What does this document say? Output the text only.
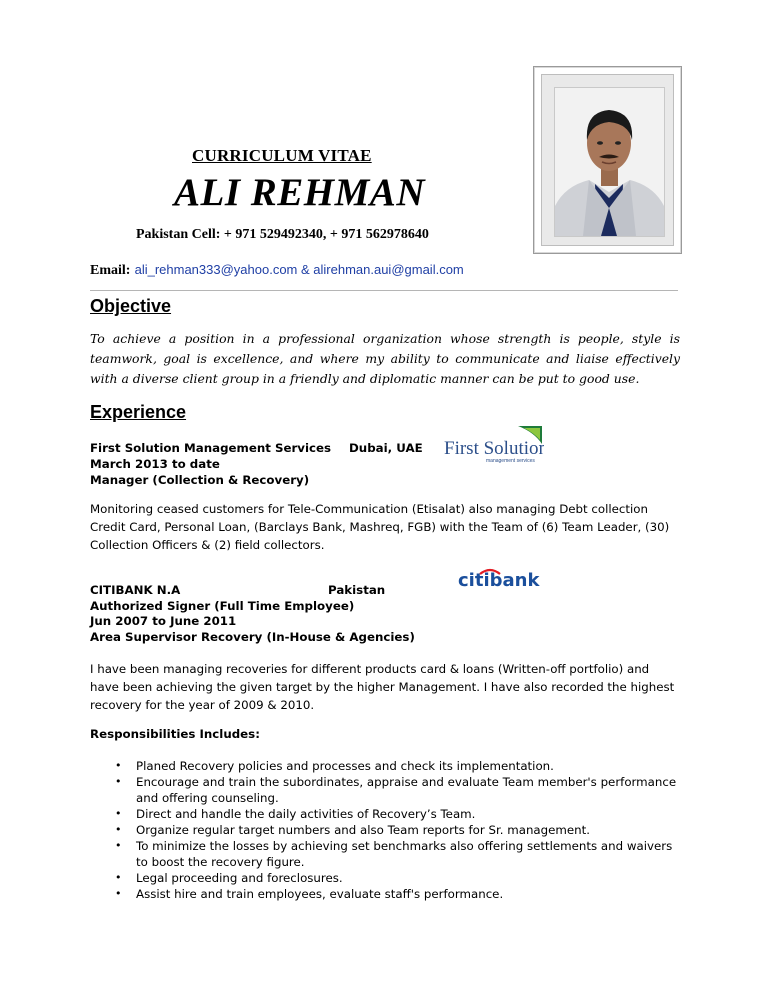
CURRICULUM VITAE
ALI REHMAN
Pakistan Cell: + 971 529492340, + 971 562978640
Email: ali_rehman333@yahoo.com & alirehman.aui@gmail.com
Objective
To achieve a position in a professional organization whose strength is people, style is teamwork, goal is excellence, and where my ability to communicate and liaise effectively with a diverse client group in a friendly and diplomatic manner can be put to good use.
Experience
First Solution Management Services Dubai, UAE
March 2013 to date
Manager (Collection & Recovery)
First Solution
management services
Monitoring ceased customers for Tele-Communication (Etisalat) also managing Debt collection Credit Card, Personal Loan, (Barclays Bank, Mashreq, FGB) with the Team of (6) Team Leader, (30) Collection Officers & (2) field collectors.
CITIBANK N.A	Pakistan	citibank
Authorized Signer (Full Time Employee)
Jun 2007 to June 2011
Area Supervisor Recovery (In-House & Agencies)
I have been managing recoveries for different products card & loans (Written-off portfolio) and have been achieving the given target by the higher Management. I have also recorded the highest recovery for the year of 2009 & 2010.
Responsibilities Includes:
• Planed Recovery policies and processes and check its implementation.
• Encourage and train the subordinates, appraise and evaluate Team member's performance and offering counseling.
• Direct and handle the daily activities of Recovery’s Team.
• Organize regular target numbers and also Team reports for Sr. management.
• To minimize the losses by achieving set benchmarks also offering settlements and waivers to boost the recovery figure.
• Legal proceeding and foreclosures.
• Assist hire and train employees, evaluate staff's performance.
